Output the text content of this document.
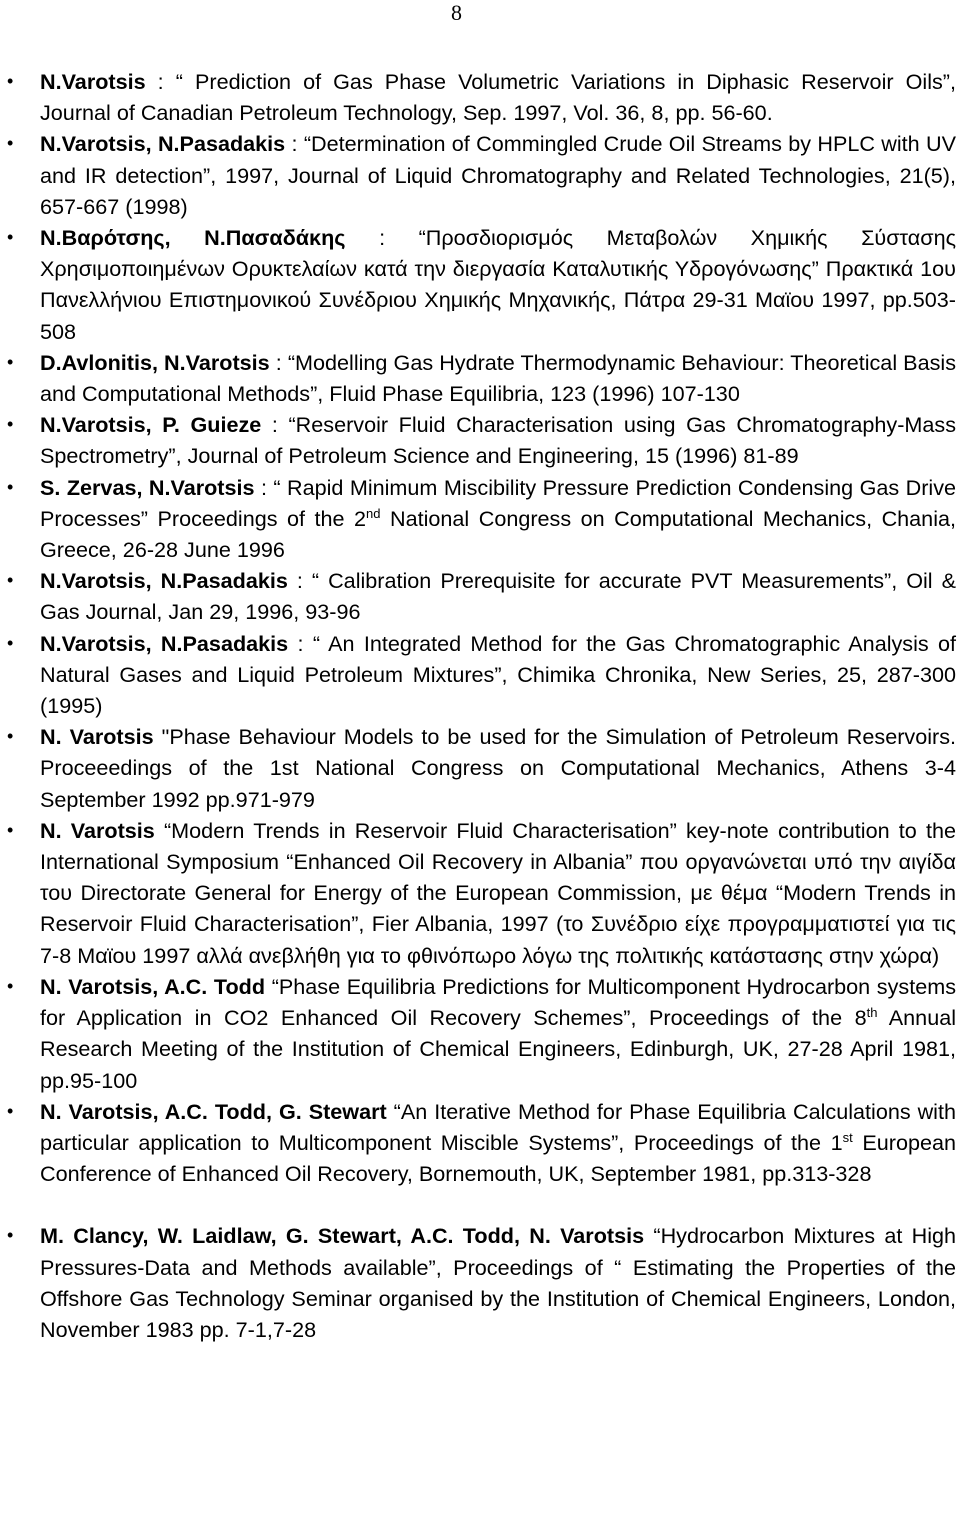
8
• N.Varotsis : “ Prediction of Gas Phase Volumetric Variations in Diphasic Reservoir Oils”, Journal of Canadian Petroleum Technology, Sep. 1997, Vol. 36, 8, pp. 56-60.
• N.Varotsis, N.Pasadakis : “Determination of Commingled Crude Oil Streams by HPLC with UV and IR detection”, 1997, Journal of Liquid Chromatography and Related Technologies, 21(5), 657-667 (1998)
• N.Βαρότσης, Ν.Πασαδάκης : “Προσδιορισμός Μεταβολών Χημικής Σύστασης Χρησιμοποιημένων Ορυκτελαίων κατά την διεργασία Καταλυτικής Υδρογόνωσης” Πρακτικά 1ου Πανελλήνιου Επιστημονικού Συνέδριου Χημικής Μηχανικής, Πάτρα 29-31 Μαϊου 1997, pp.503-508
• D.Avlonitis, N.Varotsis : “Modelling Gas Hydrate Thermodynamic Behaviour: Theoretical Basis and Computational Methods”, Fluid Phase Equilibria, 123 (1996) 107-130
• N.Varotsis, P. Guieze : “Reservoir Fluid Characterisation using Gas Chromatography-Mass Spectrometry”, Journal of Petroleum Science and Engineering, 15 (1996) 81-89
• S. Zervas, N.Varotsis : “ Rapid Minimum Miscibility Pressure Prediction Condensing Gas Drive Processes” Proceedings of the 2nd National Congress on Computational Mechanics, Chania, Greece, 26-28 June 1996
• N.Varotsis, N.Pasadakis : “ Calibration Prerequisite for accurate PVT Measurements”, Oil & Gas Journal, Jan 29, 1996, 93-96
• N.Varotsis, N.Pasadakis : “ An Integrated Method for the Gas Chromatographic Analysis of Natural Gases and Liquid Petroleum Mixtures”, Chimika Chronika, New Series, 25, 287-300 (1995)
• N. Varotsis "Phase Behaviour Models to be used for the Simulation of Petroleum Reservoirs. Proceeedings of the 1st National Congress on Computational Mechanics, Athens 3-4 September 1992 pp.971-979
• N. Varotsis “Modern Trends in Reservoir Fluid Characterisation” key-note contribution to the International Symposium “Enhanced Oil Recovery in Albania” που οργανώνεται υπό την αιγίδα του Directorate General for Energy of the European Commission, με θέμα “Modern Trends in Reservoir Fluid Characterisation”, Fier Albania, 1997 (το Συνέδριο είχε προγραμματιστεί για τις 7-8 Μαϊου 1997 αλλά ανεβλήθη για το φθινόπωρο λόγω της πολιτικής κατάστασης στην χώρα)
• N. Varotsis, A.C. Todd “Phase Equilibria Predictions for Multicomponent Hydrocarbon systems for Application in CO2 Enhanced Oil Recovery Schemes”, Proceedings of the 8th Annual Research Meeting of the Institution of Chemical Engineers, Edinburgh, UK, 27-28 April 1981, pp.95-100
• N. Varotsis, A.C. Todd, G. Stewart “An Iterative Method for Phase Equilibria Calculations with particular application to Multicomponent Miscible Systems”, Proceedings of the 1st European Conference of Enhanced Oil Recovery, Bornemouth, UK, September 1981, pp.313-328
• M. Clancy, W. Laidlaw, G. Stewart, A.C. Todd, N. Varotsis “Hydrocarbon Mixtures at High Pressures-Data and Methods available”, Proceedings of “ Estimating the Properties of the Offshore Gas Technology Seminar organised by the Institution of Chemical Engineers, London, November 1983 pp. 7-1,7-28
